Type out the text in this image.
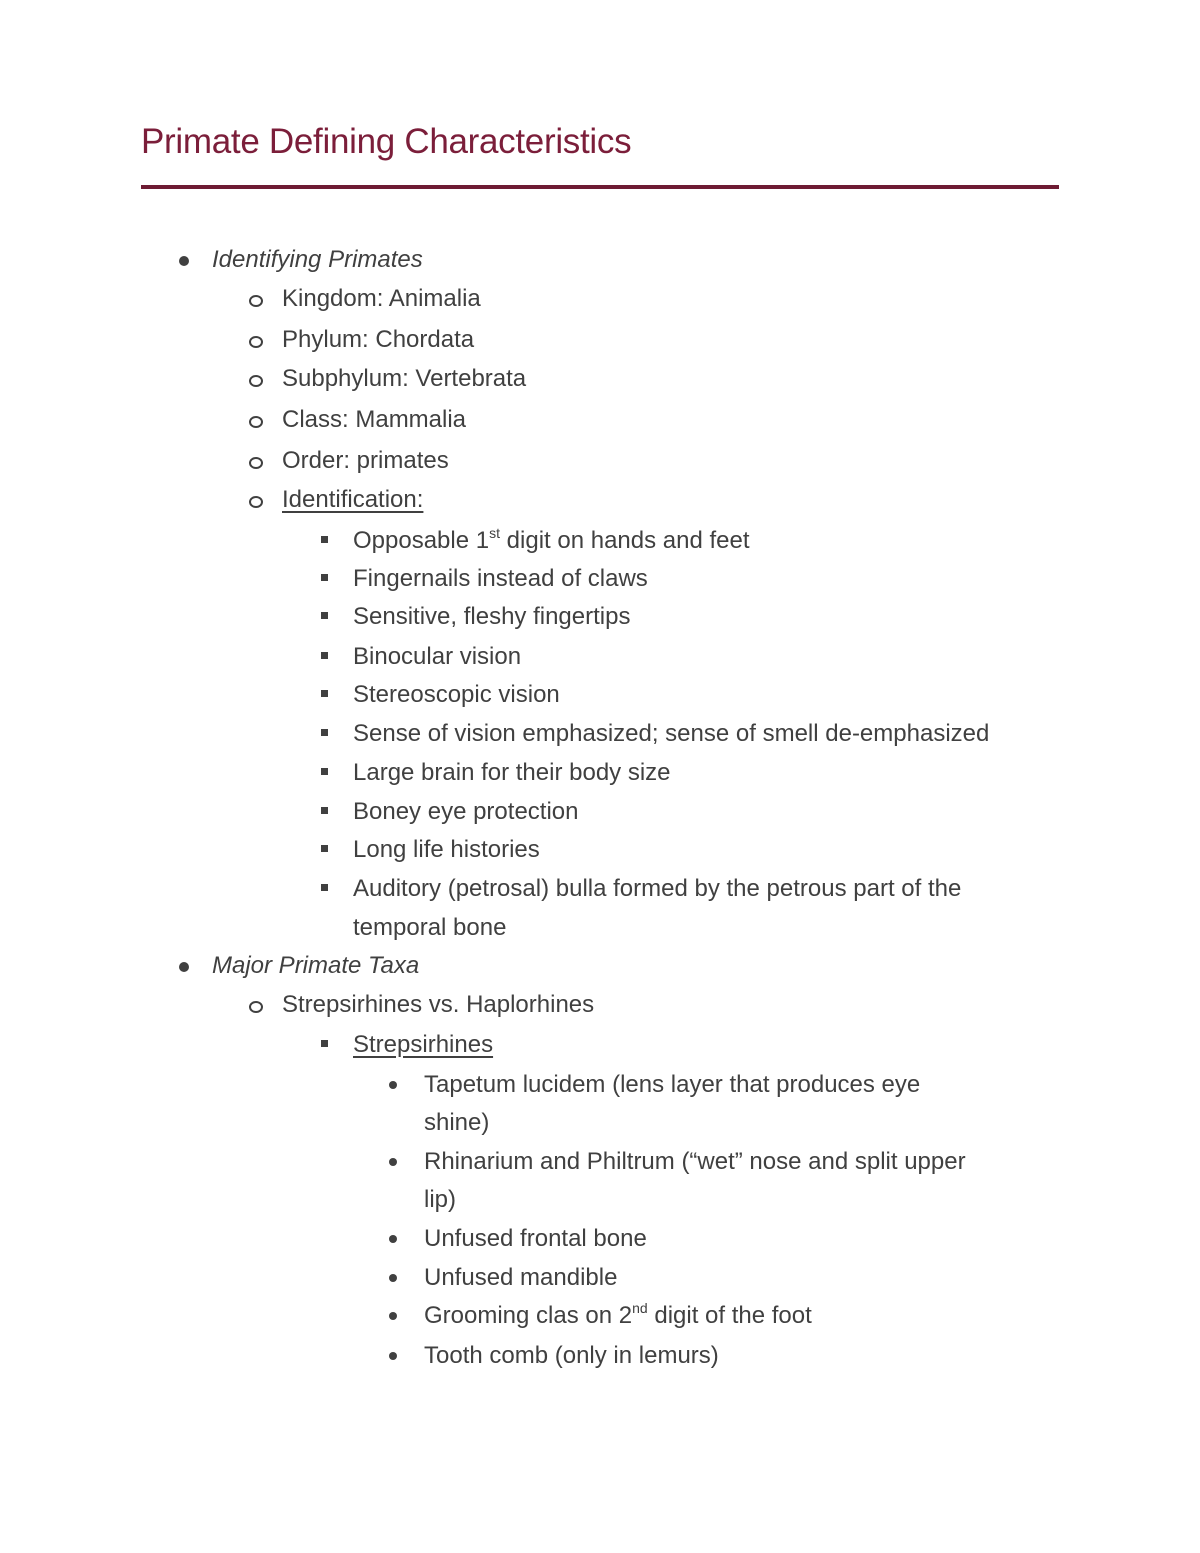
Primate Defining Characteristics
Identifying Primates
Kingdom: Animalia
Phylum: Chordata
Subphylum: Vertebrata
Class: Mammalia
Order: primates
Identification:
Opposable 1st digit on hands and feet
Fingernails instead of claws
Sensitive, fleshy fingertips
Binocular vision
Stereoscopic vision
Sense of vision emphasized; sense of smell de-emphasized
Large brain for their body size
Boney eye protection
Long life histories
Auditory (petrosal) bulla formed by the petrous part of the
temporal bone
Major Primate Taxa
Strepsirhines vs. Haplorhines
Strepsirhines
Tapetum lucidem (lens layer that produces eye
shine)
Rhinarium and Philtrum (“wet” nose and split upper
lip)
Unfused frontal bone
Unfused mandible
Grooming clas on 2nd digit of the foot
Tooth comb (only in lemurs)
